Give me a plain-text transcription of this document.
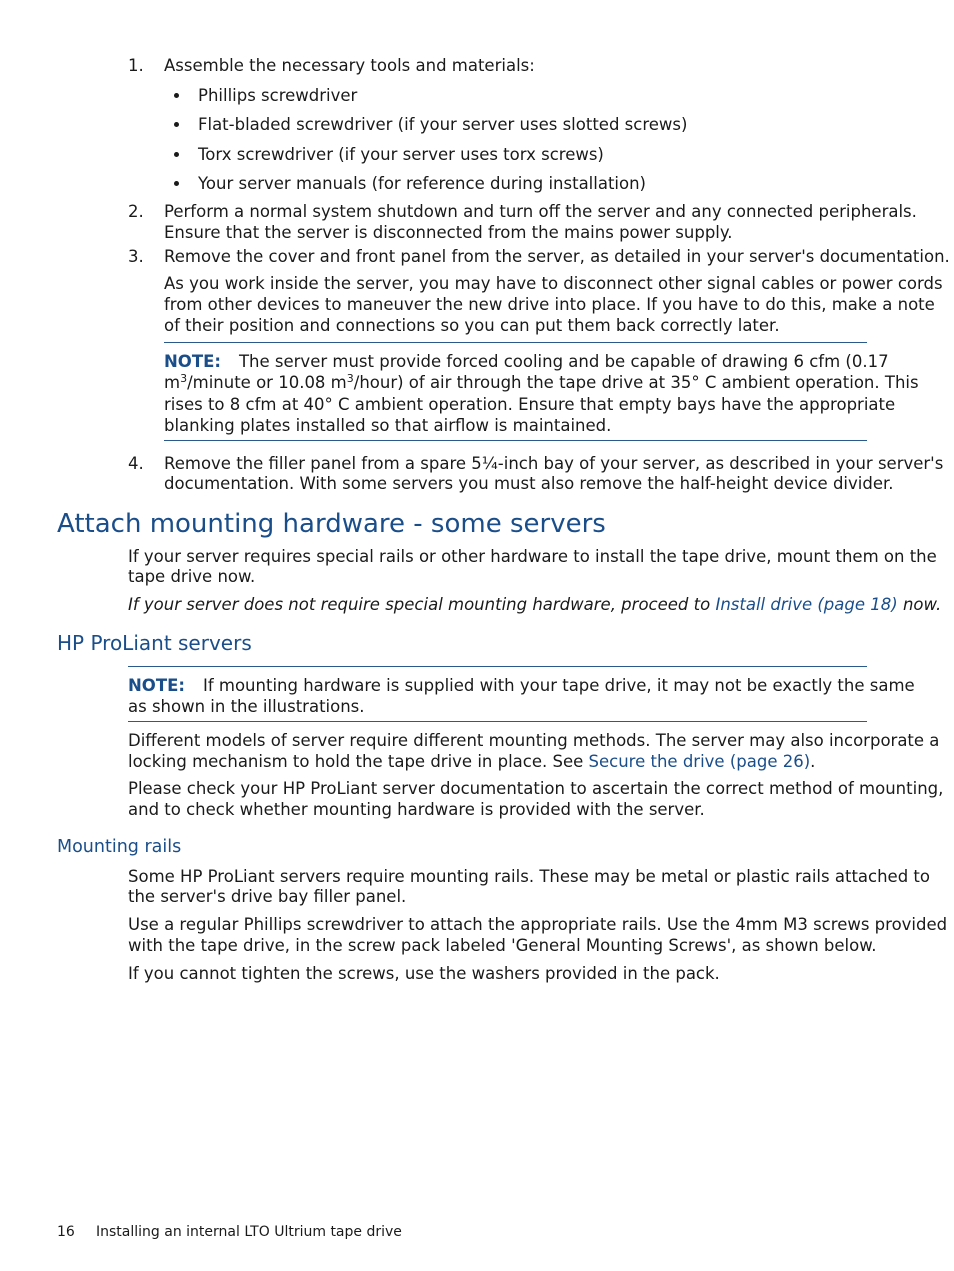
1. Assemble the necessary tools and materials:
Phillips screwdriver
Flat-bladed screwdriver (if your server uses slotted screws)
Torx screwdriver (if your server uses torx screws)
Your server manuals (for reference during installation)
2. Perform a normal system shutdown and turn off the server and any connected peripherals.
Ensure that the server is disconnected from the mains power supply.
3. Remove the cover and front panel from the server, as detailed in your server's documentation.
As you work inside the server, you may have to disconnect other signal cables or power cords
from other devices to maneuver the new drive into place. If you have to do this, make a note
of their position and connections so you can put them back correctly later.
NOTE: The server must provide forced cooling and be capable of drawing 6 cfm (0.17
$m^3$/minute or 10.08 $m^3/hour$) of air through the tape drive at 35° C ambient operation. This
rises to 8 cfm at 40° C ambient operation. Ensure that empty bays have the appropriate
blanking plates installed so that airflow is maintained.
4. Remove the filler panel from a spare 5¼-inch bay of your server, as described in your server's
documentation. With some servers you must also remove the half-height device divider.
Attach mounting hardware - some servers
If your server requires special rails or other hardware to install the tape drive, mount them on the
tape drive now.
If your server does not require special mounting hardware, proceed to Install drive (page 18) now.
HP ProLiant servers
NOTE: If mounting hardware is supplied with your tape drive, it may not be exactly the same
as shown in the illustrations.
Different models of server require different mounting methods. The server may also incorporate a
locking mechanism to hold the tape drive in place. See Secure the drive (page 26).
Please check your HP ProLiant server documentation to ascertain the correct method of mounting,
and to check whether mounting hardware is provided with the server.
Mounting rails
Some HP ProLiant servers require mounting rails. These may be metal or plastic rails attached to
the server's drive bay filler panel.
Use a regular Phillips screwdriver to attach the appropriate rails. Use the 4mm M3 screws provided
with the tape drive, in the screw pack labeled 'General Mounting Screws', as shown below.
If you cannot tighten the screws, use the washers provided in the pack.
16 Installing an internal LTO Ultrium tape drive
